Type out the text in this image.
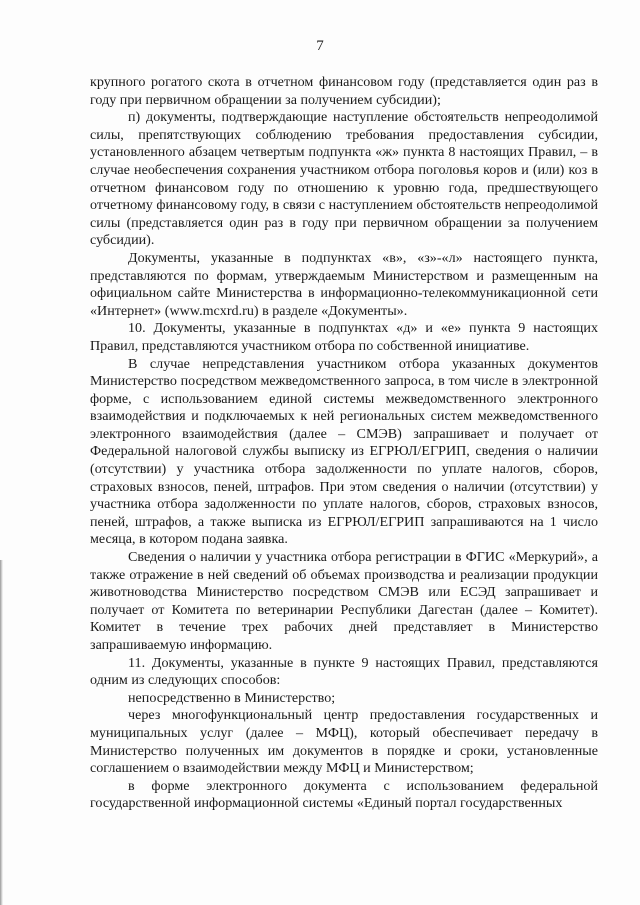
7

крупного рогатого скота в отчетном финансовом году (представляется один раз в году при первичном обращении за получением субсидии);

п) документы, подтверждающие наступление обстоятельств непреодолимой силы, препятствующих соблюдению требования предоставления субсидии, установленного абзацем четвертым подпункта «ж» пункта 8 настоящих Правил, – в случае необеспечения сохранения участником отбора поголовья коров и (или) коз в отчетном финансовом году по отношению к уровню года, предшествующего отчетному финансовому году, в связи с наступлением обстоятельств непреодолимой силы (представляется один раз в году при первичном обращении за получением субсидии).

Документы, указанные в подпунктах «в», «з»-«л» настоящего пункта, представляются по формам, утверждаемым Министерством и размещенным на официальном сайте Министерства в информационно-телекоммуникационной сети «Интернет» (www.mcxrd.ru) в разделе «Документы».

10. Документы, указанные в подпунктах «д» и «е» пункта 9 настоящих Правил, представляются участником отбора по собственной инициативе.

В случае непредставления участником отбора указанных документов Министерство посредством межведомственного запроса, в том числе в электронной форме, с использованием единой системы межведомственного электронного взаимодействия и подключаемых к ней региональных систем межведомственного электронного взаимодействия (далее – СМЭВ) запрашивает и получает от Федеральной налоговой службы выписку из ЕГРЮЛ/ЕГРИП, сведения о наличии (отсутствии) у участника отбора задолженности по уплате налогов, сборов, страховых взносов, пеней, штрафов. При этом сведения о наличии (отсутствии) у участника отбора задолженности по уплате налогов, сборов, страховых взносов, пеней, штрафов, а также выписка из ЕГРЮЛ/ЕГРИП запрашиваются на 1 число месяца, в котором подана заявка.

Сведения о наличии у участника отбора регистрации в ФГИС «Меркурий», а также отражение в ней сведений об объемах производства и реализации продукции животноводства Министерство посредством СМЭВ или ЕСЭД запрашивает и получает от Комитета по ветеринарии Республики Дагестан (далее – Комитет). Комитет в течение трех рабочих дней представляет в Министерство запрашиваемую информацию.

11. Документы, указанные в пункте 9 настоящих Правил, представляются одним из следующих способов:

непосредственно в Министерство;

через многофункциональный центр предоставления государственных и муниципальных услуг (далее – МФЦ), который обеспечивает передачу в Министерство полученных им документов в порядке и сроки, установленные соглашением о взаимодействии между МФЦ и Министерством;

в форме электронного документа с использованием федеральной государственной информационной системы «Единый портал государственных
